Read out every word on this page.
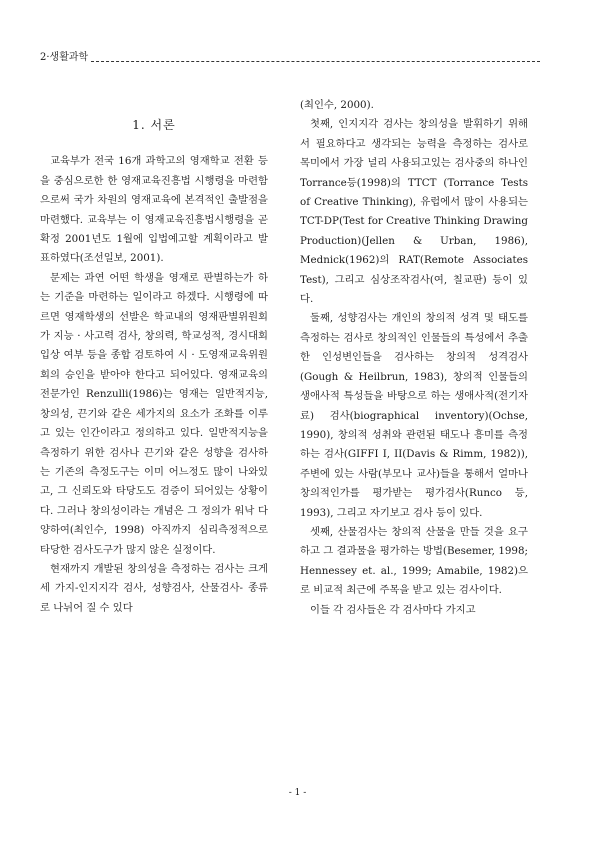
2·생활과학
1. 서론

교육부가 전국 16개 과학고의 영재학교 전환 등을 중심으로한 한 영재교육진흥법 시행령을 마련함으로써 국가 차원의 영재교육에 본격적인 출발점을 마련했다. 교육부는 이 영재교육진흥법시행령을 곧 확정 2001년도 1월에 입법예고할 계획이라고 발표하였다(조선일보, 2001).

문제는 과연 어떤 학생을 영재로 판별하는가 하는 기준을 마련하는 일이라고 하겠다. 시행령에 따르면 영재학생의 선발은 학교내의 영재판별위원회가 지능 · 사고력 검사, 창의력, 학교성적, 경시대회 입상 여부 등을 종합 검토하여 시 · 도영재교육위원회의 승인을 받아야 한다고 되어있다. 영재교육의 전문가인 Renzulli(1986)는 영재는 일반적지능, 창의성, 끈기와 같은 세가지의 요소가 조화를 이루고 있는 인간이라고 정의하고 있다. 일반적지능을 측정하기 위한 검사나 끈기와 같은 성향을 검사하는 기존의 측정도구는 이미 어느정도 많이 나와있고, 그 신뢰도와 타당도도 검증이 되어있는 상황이다. 그러나 창의성이라는 개념은 그 정의가 워낙 다양하여(최인수, 1998) 아직까지 심리측정적으로 타당한 검사도구가 많지 않은 실정이다.

현재까지 개발된 창의성을 측정하는 검사는 크게 세 가지-인지지각 검사, 성향검사, 산물검사- 종류로 나뉘어 질 수 있다

(최인수, 2000).

첫째, 인지지각 검사는 창의성을 발휘하기 위해서 필요하다고 생각되는 능력을 측정하는 검사로 목미에서 가장 널리 사용되고있는 검사중의 하나인 Torrance등(1998)의 TTCT (Torrance Tests of Creative Thinking), 유럽에서 많이 사용되는 TCT-DP(Test for Creative Thinking Drawing Production)(Jellen & Urban, 1986), Mednick(1962)의 RAT(Remote Associates Test), 그리고 심상조작검사(여, 칠교판) 등이 있다.

둘째, 성향검사는 개인의 창의적 성격 및 태도를 측정하는 검사로 창의적인 인물들의 특성에서 추출한 인성변인들을 검사하는 창의적 성격검사(Gough & Heilbrun, 1983), 창의적 인물들의 생애사적 특성들을 바탕으로 하는 생애사적(전기자료) 검사(biographical inventory)(Ochse, 1990), 창의적 성취와 관련된 태도나 흥미를 측정하는 검사(GIFFI I, II(Davis & Rimm, 1982)), 주변에 있는 사람(부모나 교사)들을 통해서 얼마나 창의적인가를 평가받는 평가검사(Runco 등, 1993), 그리고 자기보고 검사 등이 있다.

셋째, 산물검사는 창의적 산물을 만들 것을 요구하고 그 결과물을 평가하는 방법(Besemer, 1998; Hennessey et. al., 1999; Amabile, 1982)으로 비교적 최근에 주목을 받고 있는 검사이다.

이들 각 검사들은 각 검사마다 가지고

- 1 -
